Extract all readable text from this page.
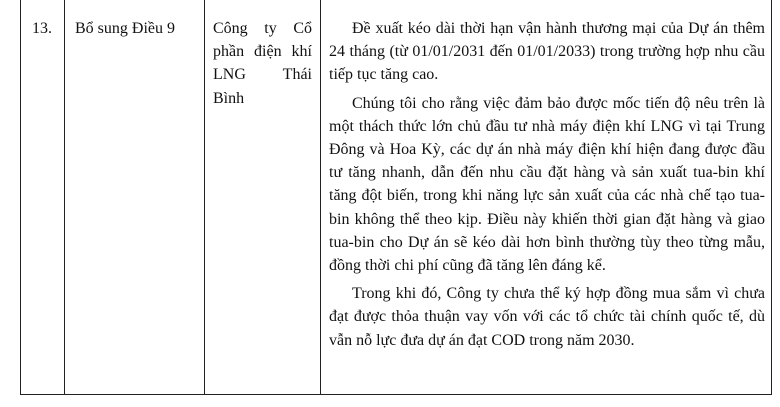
13.	Bổ sung Điều 9	Công ty Cổ
phần điện khí
LNG Thái
Bình

Đề xuất kéo dài thời hạn vận hành thương mại của Dự án thêm 24 tháng (từ 01/01/2031 đến 01/01/2033) trong trường hợp nhu cầu tiếp tục tăng cao.

Chúng tôi cho rằng việc đảm bảo được mốc tiến độ nêu trên là một thách thức lớn chủ đầu tư nhà máy điện khí LNG vì tại Trung Đông và Hoa Kỳ, các dự án nhà máy điện khí hiện đang được đầu tư tăng nhanh, dẫn đến nhu cầu đặt hàng và sản xuất tua-bin khí tăng đột biến, trong khi năng lực sản xuất của các nhà chế tạo tua-bin không thể theo kịp. Điều này khiến thời gian đặt hàng và giao tua-bin cho Dự án sẽ kéo dài hơn bình thường tùy theo từng mẫu, đồng thời chi phí cũng đã tăng lên đáng kể.

Trong khi đó, Công ty chưa thể ký hợp đồng mua sắm vì chưa đạt được thỏa thuận vay vốn với các tổ chức tài chính quốc tế, dù vẫn nỗ lực đưa dự án đạt COD trong năm 2030.
